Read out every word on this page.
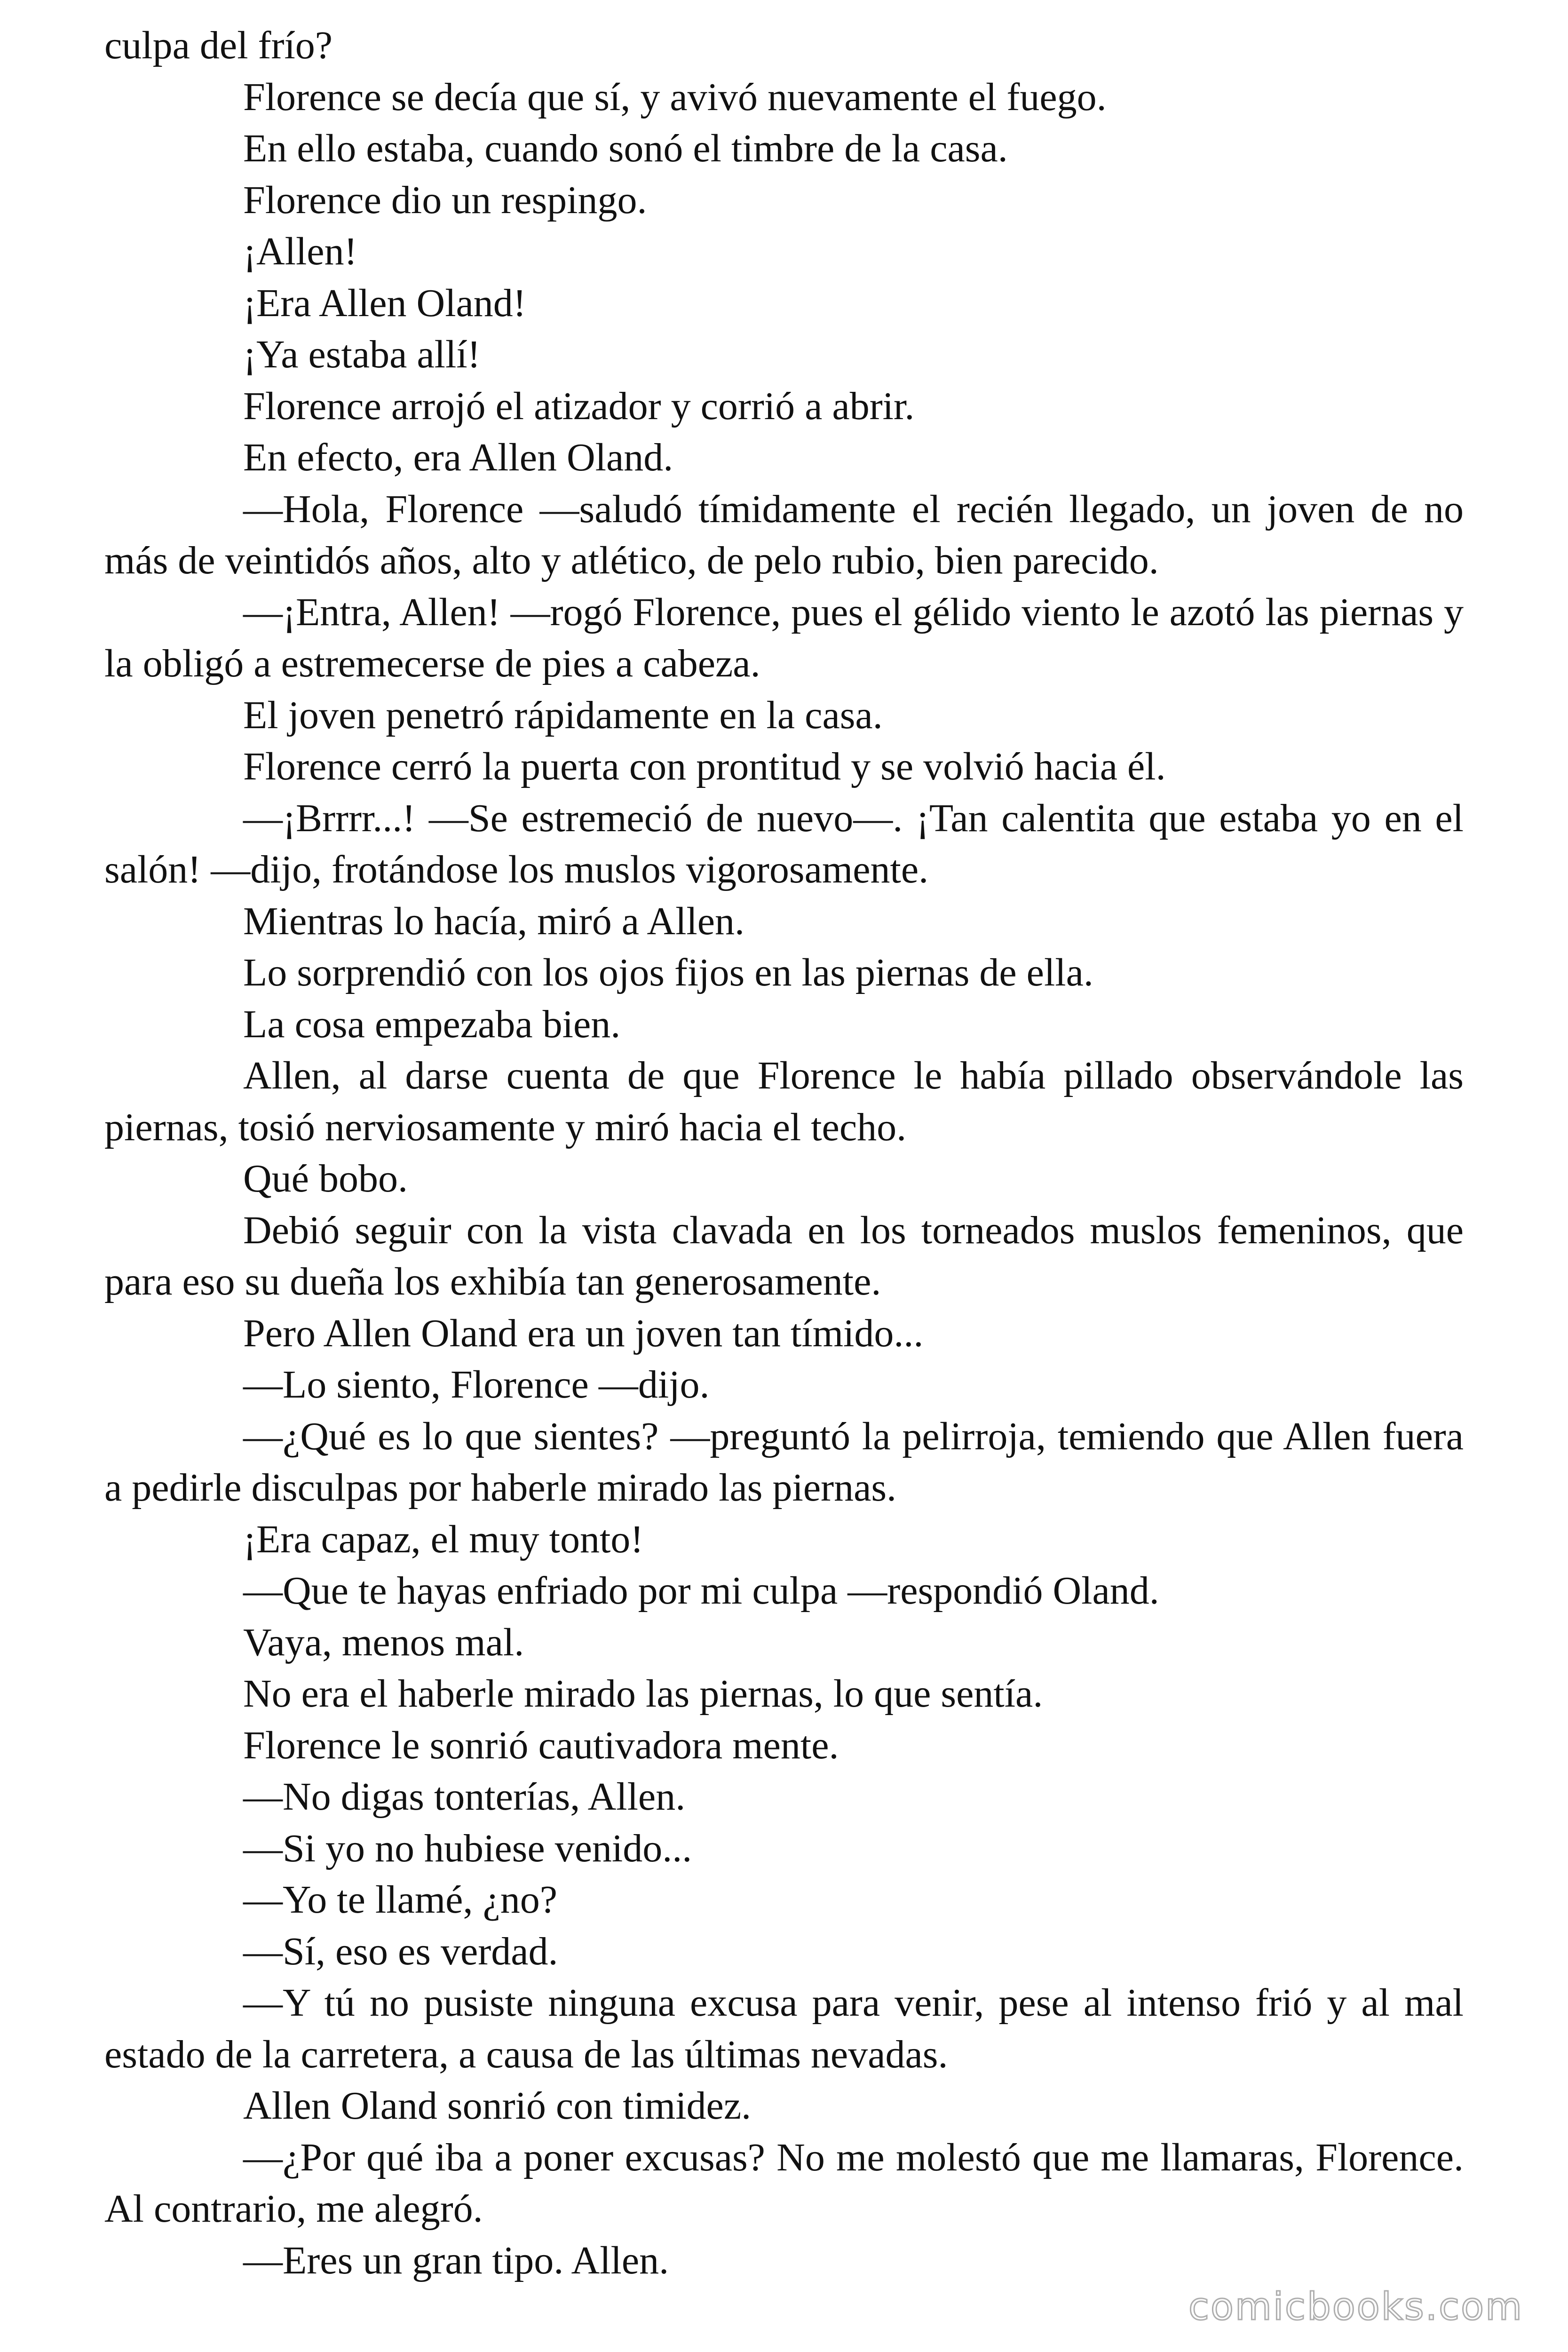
culpa del frío?

Florence se decía que sí, y avivó nuevamente el fuego.

En ello estaba, cuando sonó el timbre de la casa.

Florence dio un respingo.

¡Allen!

¡Era Allen Oland!

¡Ya estaba allí!

Florence arrojó el atizador y corrió a abrir.

En efecto, era Allen Oland.

—Hola, Florence —saludó tímidamente el recién llegado, un joven de no más de veintidós años, alto y atlético, de pelo rubio, bien parecido.

—¡Entra, Allen! —rogó Florence, pues el gélido viento le azotó las piernas y la obligó a estremecerse de pies a cabeza.

El joven penetró rápidamente en la casa.

Florence cerró la puerta con prontitud y se volvió hacia él.

—¡Brrrr...! —Se estremeció de nuevo—. ¡Tan calentita que estaba yo en el salón! —dijo, frotándose los muslos vigorosamente.

Mientras lo hacía, miró a Allen.

Lo sorprendió con los ojos fijos en las piernas de ella.

La cosa empezaba bien.

Allen, al darse cuenta de que Florence le había pillado observándole las piernas, tosió nerviosamente y miró hacia el techo.

Qué bobo.

Debió seguir con la vista clavada en los torneados muslos femeninos, que para eso su dueña los exhibía tan generosamente.

Pero Allen Oland era un joven tan tímido...

—Lo siento, Florence —dijo.

—¿Qué es lo que sientes? —preguntó la pelirroja, temiendo que Allen fuera a pedirle disculpas por haberle mirado las piernas.

¡Era capaz, el muy tonto!

—Que te hayas enfriado por mi culpa —respondió Oland.

Vaya, menos mal.

No era el haberle mirado las piernas, lo que sentía.

Florence le sonrió cautivadora mente.

—No digas tonterías, Allen.

—Si yo no hubiese venido...

—Yo te llamé, ¿no?

—Sí, eso es verdad.

—Y tú no pusiste ninguna excusa para venir, pese al intenso frió y al mal estado de la carretera, a causa de las últimas nevadas.

Allen Oland sonrió con timidez.

—¿Por qué iba a poner excusas? No me molestó que me llamaras, Florence. Al contrario, me alegró.

—Eres un gran tipo. Allen.

comicbooks.com
